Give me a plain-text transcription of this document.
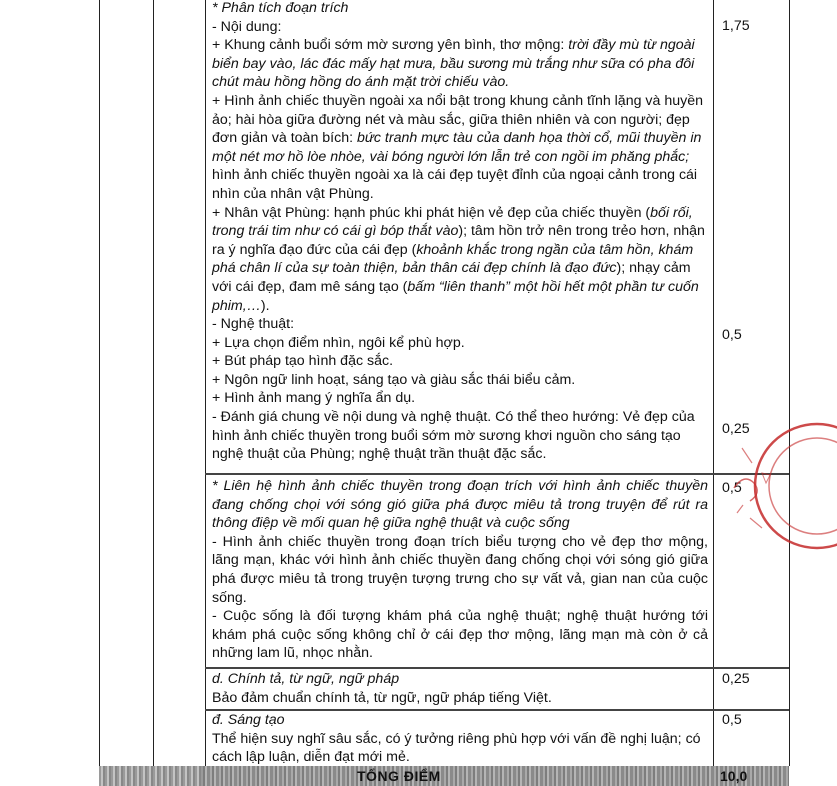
* Phân tích đoạn trích
- Nội dung:
+ Khung cảnh buổi sớm mờ sương yên bình, thơ mộng: trời đầy mù từ ngoài biển bay vào, lác đác mấy hạt mưa, bầu sương mù trắng như sữa có pha đôi chút màu hồng hồng do ánh mặt trời chiếu vào.
+ Hình ảnh chiếc thuyền ngoài xa nổi bật trong khung cảnh tĩnh lặng và huyền ảo; hài hòa giữa đường nét và màu sắc, giữa thiên nhiên và con người; đẹp đơn giản và toàn bích: bức tranh mực tàu của danh họa thời cổ, mũi thuyền in một nét mơ hồ lòe nhòe, vài bóng người lớn lẫn trẻ con ngồi im phăng phắc; hình ảnh chiếc thuyền ngoài xa là cái đẹp tuyệt đỉnh của ngoại cảnh trong cái nhìn của nhân vật Phùng.
+ Nhân vật Phùng: hạnh phúc khi phát hiện vẻ đẹp của chiếc thuyền (bối rối, trong trái tim như có cái gì bóp thắt vào); tâm hồn trở nên trong trẻo hơn, nhận ra ý nghĩa đạo đức của cái đẹp (khoảnh khắc trong ngần của tâm hồn, khám phá chân lí của sự toàn thiện, bản thân cái đẹp chính là đạo đức); nhạy cảm với cái đẹp, đam mê sáng tạo (bấm “liên thanh” một hồi hết một phần tư cuốn phim,…).
- Nghệ thuật:
+ Lựa chọn điểm nhìn, ngôi kể phù hợp.
+ Bút pháp tạo hình đặc sắc.
+ Ngôn ngữ linh hoạt, sáng tạo và giàu sắc thái biểu cảm.
+ Hình ảnh mang ý nghĩa ẩn dụ.
- Đánh giá chung về nội dung và nghệ thuật. Có thể theo hướng: Vẻ đẹp của hình ảnh chiếc thuyền trong buổi sớm mờ sương khơi nguồn cho sáng tạo nghệ thuật của Phùng; nghệ thuật trần thuật đặc sắc.
1,75
0,5
0,25
* Liên hệ hình ảnh chiếc thuyền trong đoạn trích với hình ảnh chiếc thuyền đang chống chọi với sóng gió giữa phá được miêu tả trong truyện để rút ra thông điệp về mối quan hệ giữa nghệ thuật và cuộc sống
- Hình ảnh chiếc thuyền trong đoạn trích biểu tượng cho vẻ đẹp thơ mộng, lãng mạn, khác với hình ảnh chiếc thuyền đang chống chọi với sóng gió giữa phá được miêu tả trong truyện tượng trưng cho sự vất vả, gian nan của cuộc sống.
- Cuộc sống là đối tượng khám phá của nghệ thuật; nghệ thuật hướng tới khám phá cuộc sống không chỉ ở cái đẹp thơ mộng, lãng mạn mà còn ở cả những lam lũ, nhọc nhằn.
0,5
d. Chính tả, từ ngữ, ngữ pháp
Bảo đảm chuẩn chính tả, từ ngữ, ngữ pháp tiếng Việt.
0,25
đ. Sáng tạo
Thể hiện suy nghĩ sâu sắc, có ý tưởng riêng phù hợp với vấn đề nghị luận; có cách lập luận, diễn đạt mới mẻ.
0,5
TỔNG ĐIỂM	10,0
